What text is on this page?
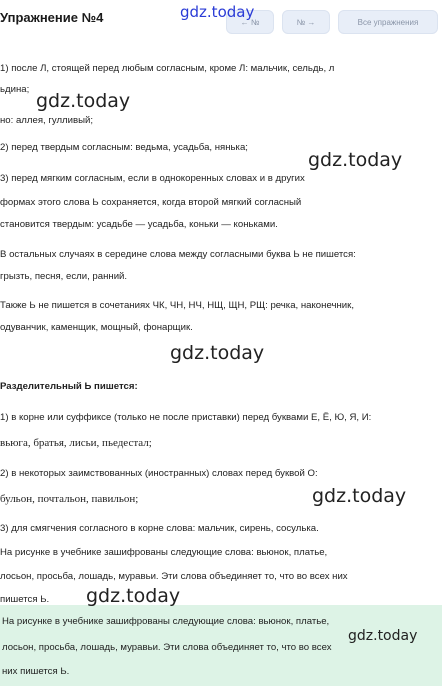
Упражнение №4	← №	№ →	Все упражнения
gdz.today
1) после Л, стоящей перед любым согласным, кроме Л: мальчик, сельдь, л
ьдина;
но: аллея, гулливый;
2) перед твердым согласным: ведьма, усадьба, нянька;
3) перед мягким согласным, если в однокоренных словах и в других
формах этого слова Ь сохраняется, когда второй мягкий согласный
становится твердым: усадьбе — усадьба, коньки — коньками.
В остальных случаях в середине слова между согласными буква Ь не пишется:
грызть, песня, если, ранний.
Также Ь не пишется в сочетаниях ЧК, ЧН, НЧ, НЩ, ЩН, РЩ: речка, наконечник,
одуванчик, каменщик, мощный, фонарщик.
Разделительный Ь пишется:
1) в корне или суффиксе (только не после приставки) перед буквами Е, Ё, Ю, Я, И:
вьюга, братья, лисьи, пьедестал;
2) в некоторых заимствованных (иностранных) словах перед буквой О:
бульон, почтальон, павильон;
3) для смягчения согласного в корне слова: мальчик, сирень, сосулька.
На рисунке в учебнике зашифрованы следующие слова: вьюнок, платье,
лосьон, просьба, лошадь, муравьи. Эти слова объединяет то, что во всех них
пишется Ь.
На рисунке в учебнике зашифрованы следующие слова: вьюнок, платье,
лосьон, просьба, лошадь, муравьи. Эти слова объединяет то, что во всех
них пишется Ь.
gdz.today
gdz.today
gdz.today
gdz.today
gdz.today
gdz.today
